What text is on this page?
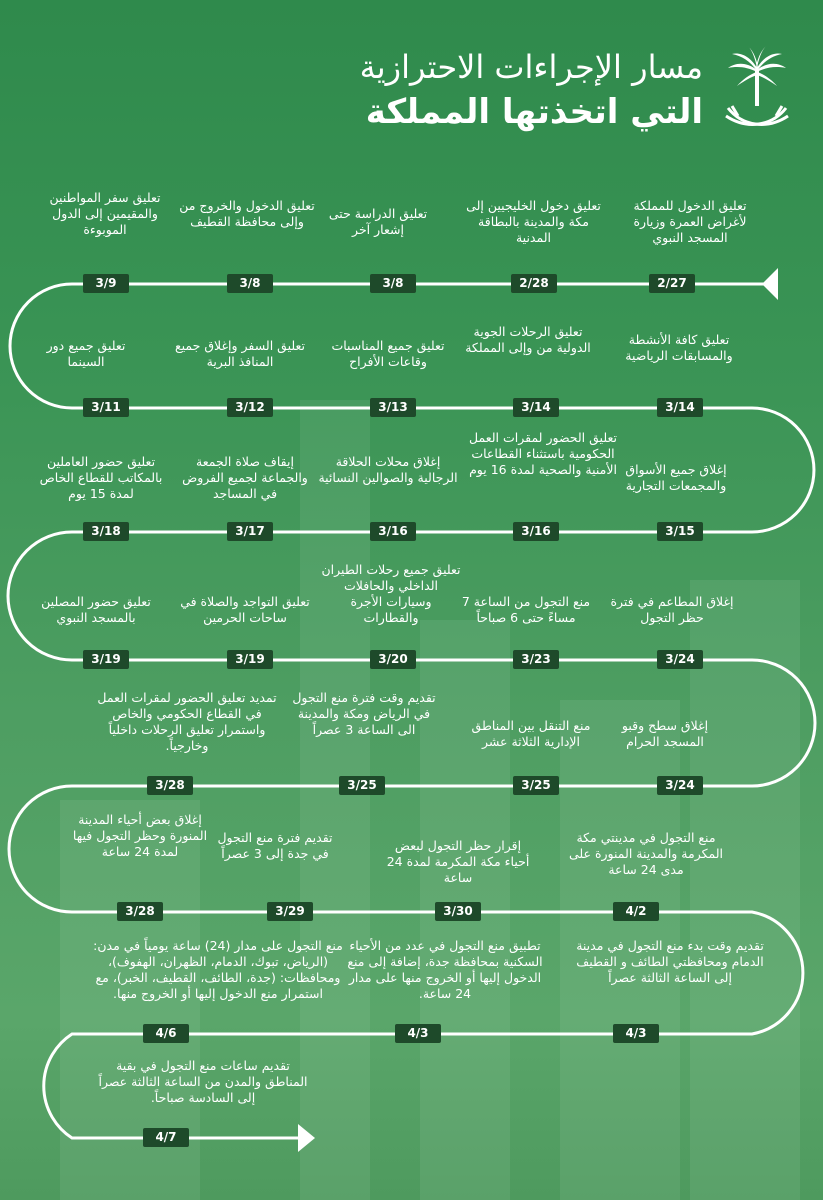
مسار الإجراءات الاحترازية
التي اتخذتها المملكة
2/27
2/28
3/8
3/8
3/9
3/14
3/14
3/13
3/12
3/11
3/15
3/16
3/16
3/17
3/18
3/24
3/23
3/20
3/19
3/19
3/24
3/25
3/25
3/28
4/2
3/30
3/29
3/28
4/3
4/3
4/6
4/7
تعليق الدخول للمملكة لأغراض العمرة وزيارة المسجد النبوي
تعليق دخول الخليجيين إلى مكة والمدينة بالبطاقة المدنية
تعليق الدراسة حتى إشعار آخر
تعليق الدخول والخروج من وإلى محافظة القطيف
تعليق سفر المواطنين والمقيمين إلى الدول الموبوءة
تعليق كافة الأنشطة والمسابقات الرياضية
تعليق الرحلات الجوية الدولية من وإلى المملكة
تعليق جميع المناسبات وقاعات الأفراح
تعليق السفر وإغلاق جميع المنافذ البرية
تعليق جميع دور السينما
إغلاق جميع الأسواق والمجمعات التجارية
تعليق الحضور لمقرات العمل الحكومية باستثناء القطاعات الأمنية والصحية لمدة 16 يوم
إغلاق محلات الحلاقة الرجالية والصوالين النسائية
إيقاف صلاة الجمعة والجماعة لجميع الفروض في المساجد
تعليق حضور العاملين بالمكاتب للقطاع الخاص لمدة 15 يوم
إغلاق المطاعم في فترة حظر التجول
منع التجول من الساعة 7 مساءً حتى 6 صباحاً
تعليق جميع رحلات الطيران الداخلي والحافلات وسيارات الأجرة والقطارات
تعليق التواجد والصلاة في ساحات الحرمين
تعليق حضور المصلين بالمسجد النبوي
إغلاق سطح وقبو المسجد الحرام
منع التنقل بين المناطق الإدارية الثلاثة عشر
تقديم وقت فترة منع التجول في الرياض ومكة والمدينة الى الساعة 3 عصراً
تمديد تعليق الحضور لمقرات العمل في القطاع الحكومي والخاص واستمرار تعليق الرحلات داخلياً وخارجياً.
منع التجول في مدينتي مكة المكرمة والمدينة المنورة على مدى 24 ساعة
إقرار حظر التجول لبعض أحياء مكة المكرمة لمدة 24 ساعة
تقديم فترة منع التجول في جدة إلى 3 عصراً
إغلاق بعض أحياء المدينة المنورة وحظر التجول فيها لمدة 24 ساعة
تقديم وقت بدء منع التجول في مدينة الدمام ومحافظتي الطائف و القطيف إلى الساعة الثالثة عصراً
تطبيق منع التجول في عدد من الأحياء السكنية بمحافظة جدة، إضافة إلى منع الدخول إليها أو الخروج منها على مدار 24 ساعة.
منع التجول على مدار (24) ساعة يومياً في مدن: (الرياض، تبوك، الدمام، الظهران، الهفوف)، ومحافظات: (جدة، الطائف، القطيف، الخبر)، مع استمرار منع الدخول إليها أو الخروج منها.
تقديم ساعات منع التجول في بقية المناطق والمدن من الساعة الثالثة عصراً إلى السادسة صباحاً.
